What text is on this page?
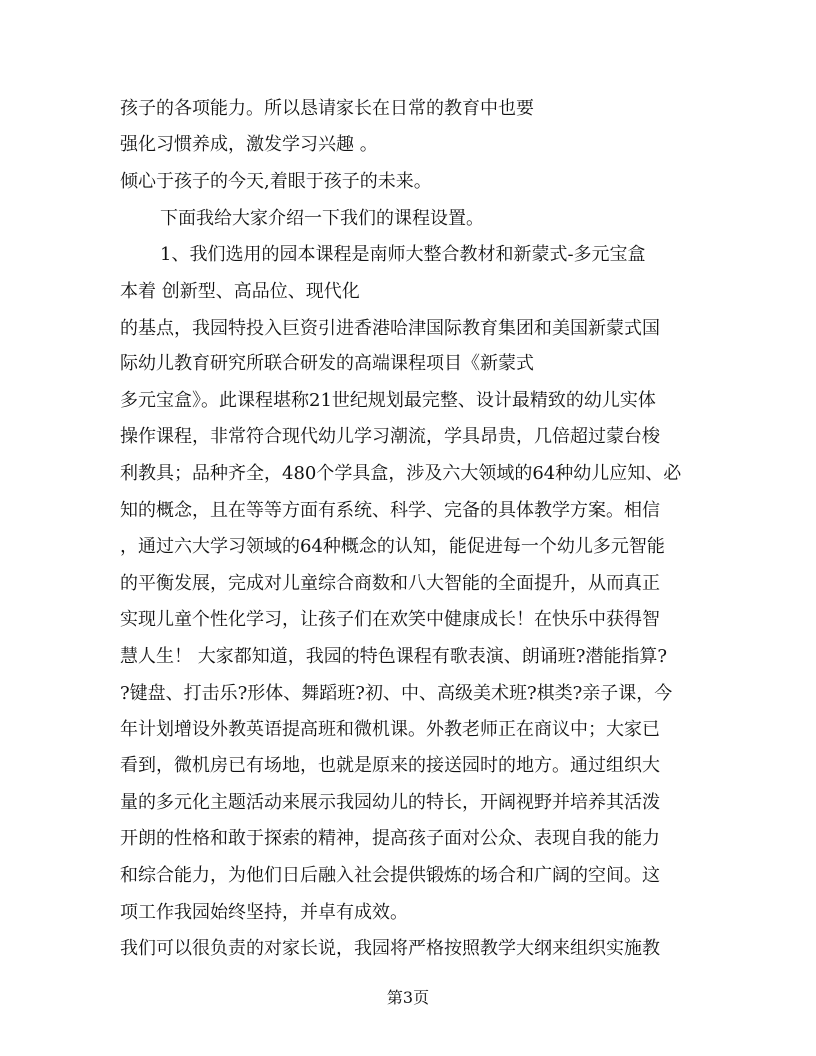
孩子的各项能力。所以恳请家长在日常的教育中也要
强化习惯养成，激发学习兴趣 。
倾心于孩子的今天,着眼于孩子的未来。
下面我给大家介绍一下我们的课程设置。
1、我们选用的园本课程是南师大整合教材和新蒙式-多元宝盒
本着 创新型、高品位、现代化
的基点，我园特投入巨资引进香港哈津国际教育集团和美国新蒙式国
际幼儿教育研究所联合研发的高端课程项目《新蒙式
多元宝盒》。此课程堪称21世纪规划最完整、设计最精致的幼儿实体
操作课程，非常符合现代幼儿学习潮流，学具昂贵，几倍超过蒙台梭
利教具；品种齐全，480个学具盒，涉及六大领域的64种幼儿应知、必
知的概念，且在等等方面有系统、科学、完备的具体教学方案。相信
，通过六大学习领域的64种概念的认知，能促进每一个幼儿多元智能
的平衡发展，完成对儿童综合商数和八大智能的全面提升，从而真正
实现儿童个性化学习，让孩子们在欢笑中健康成长！在快乐中获得智
慧人生！ 大家都知道，我园的特色课程有歌表演、朗诵班?潜能指算?
?键盘、打击乐?形体、舞蹈班?初、中、高级美术班?棋类?亲子课，今
年计划增设外教英语提高班和微机课。外教老师正在商议中；大家已
看到，微机房已有场地，也就是原来的接送园时的地方。通过组织大
量的多元化主题活动来展示我园幼儿的特长，开阔视野并培养其活泼
开朗的性格和敢于探索的精神，提高孩子面对公众、表现自我的能力
和综合能力，为他们日后融入社会提供锻炼的场合和广阔的空间。这
项工作我园始终坚持，并卓有成效。
我们可以很负责的对家长说，我园将严格按照教学大纲来组织实施教
第3页
